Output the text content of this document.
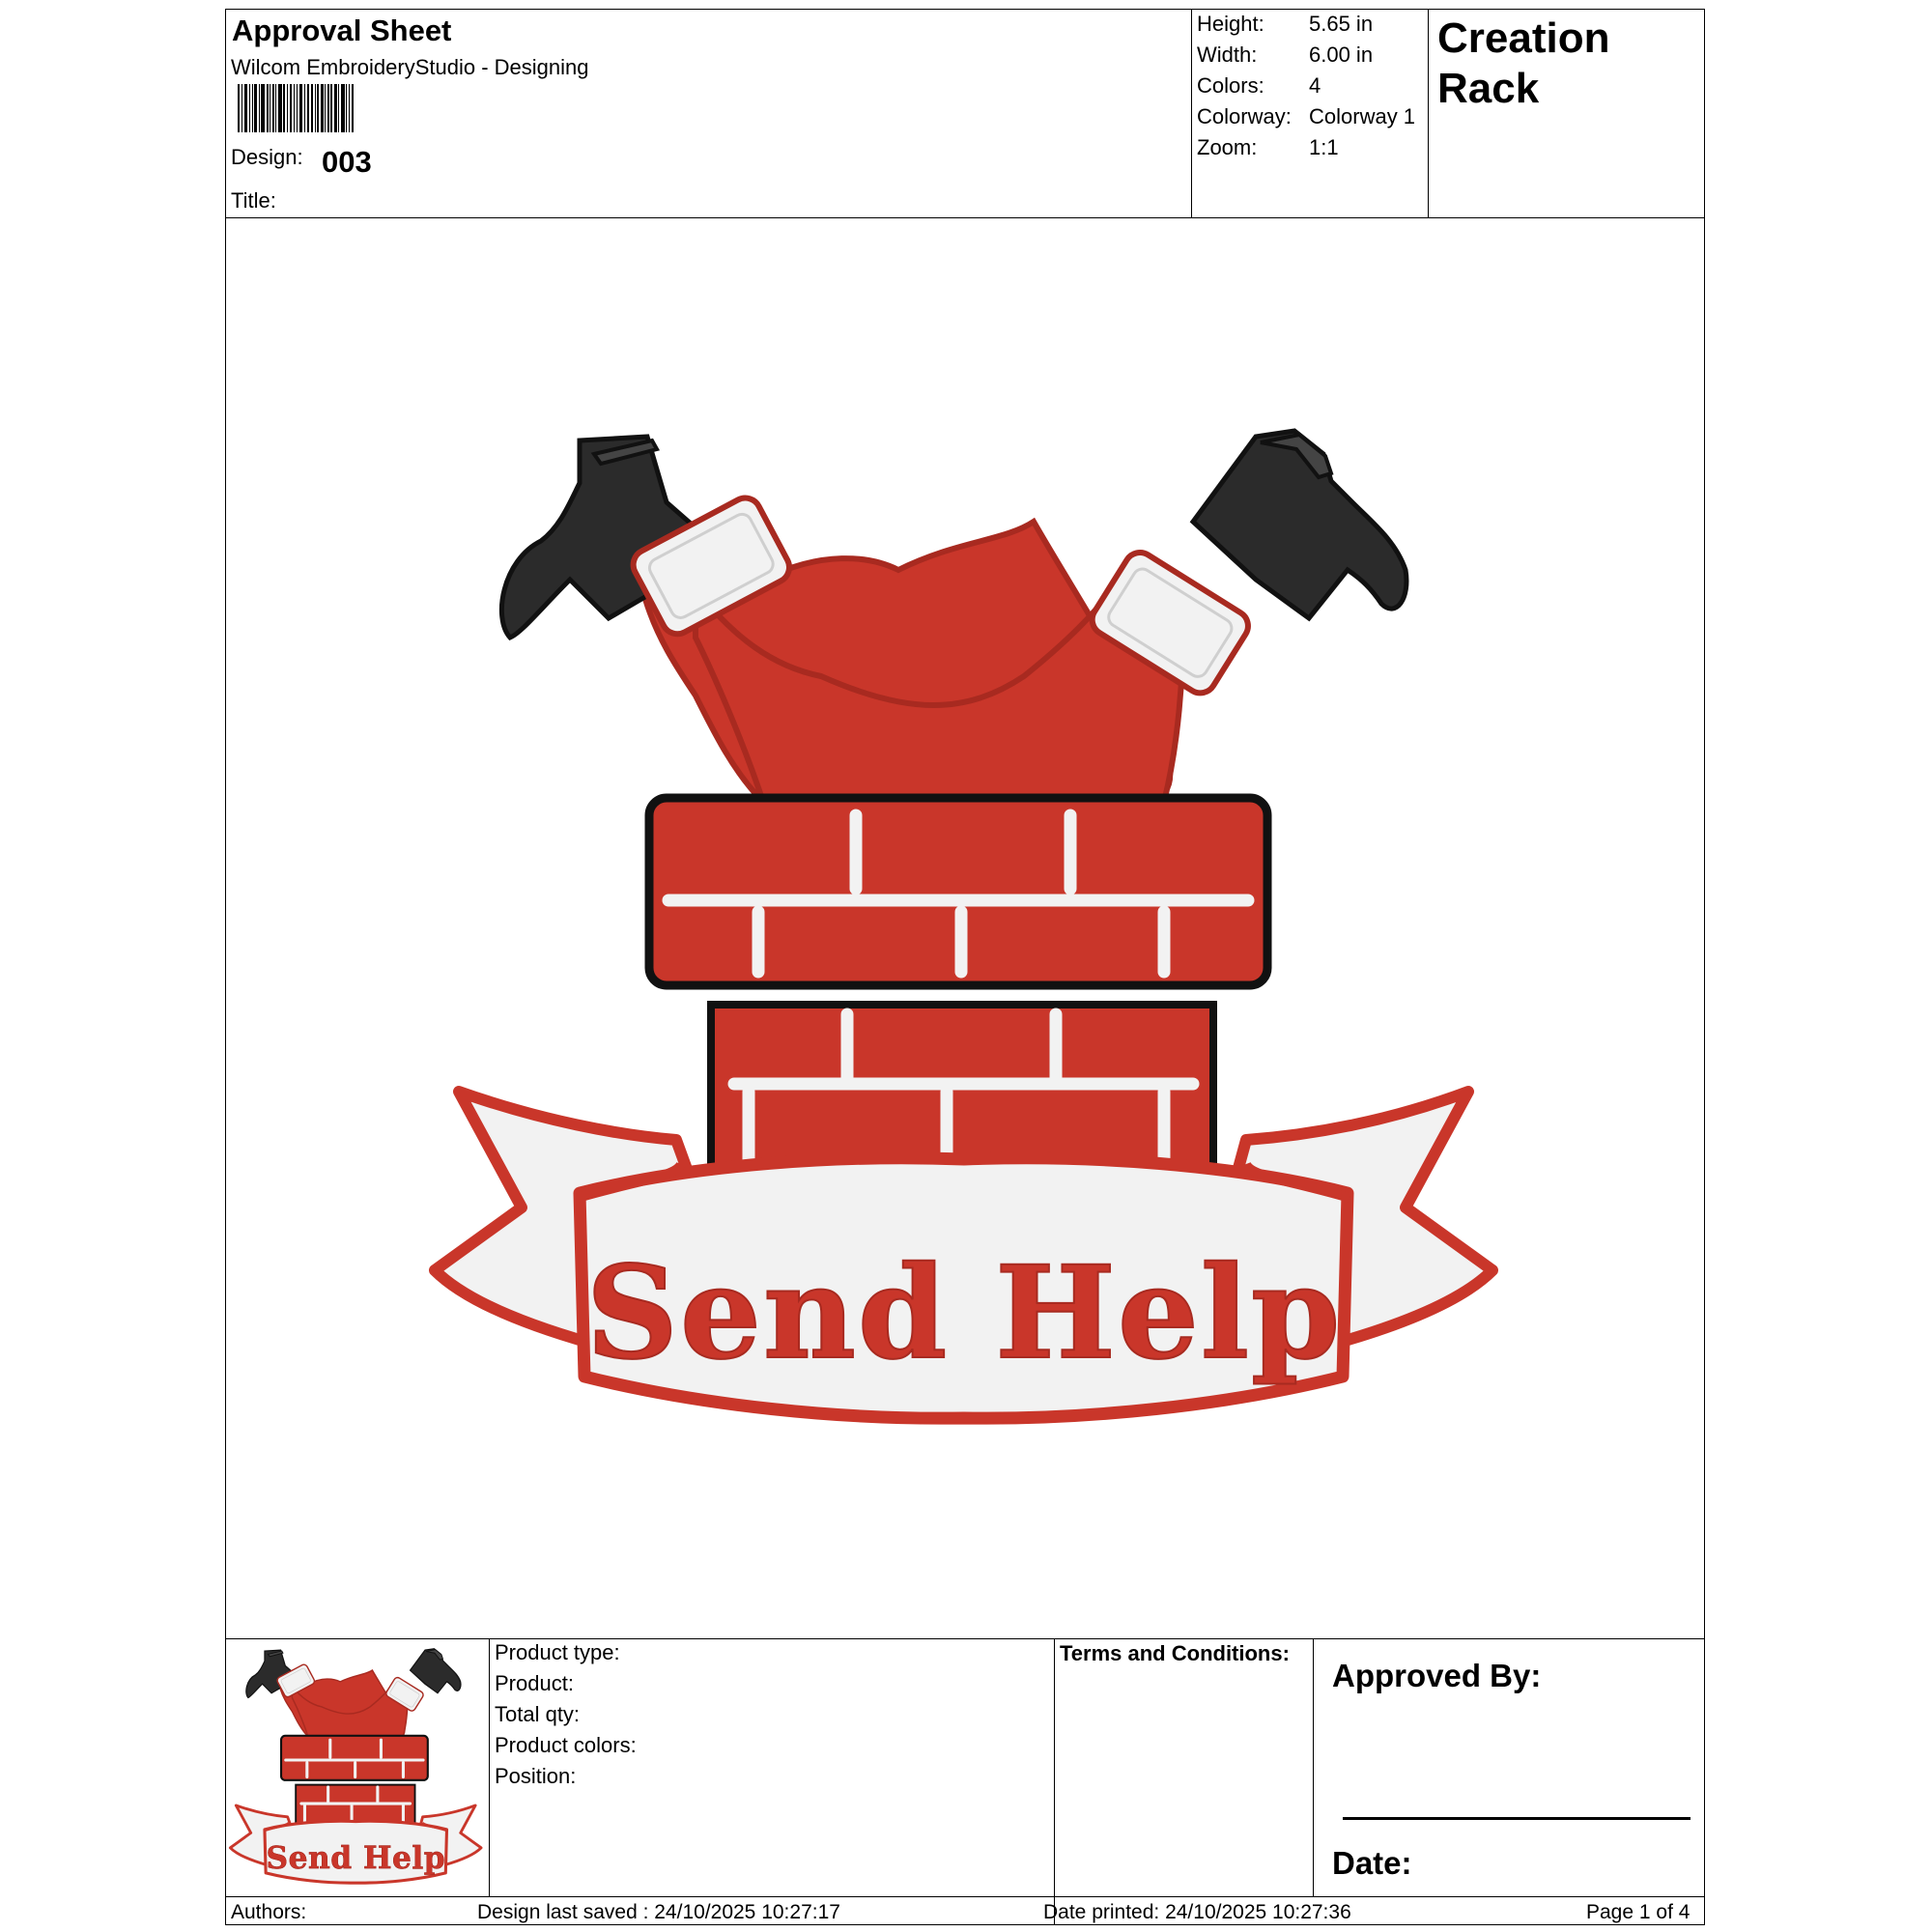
Approval Sheet
Wilcom EmbroideryStudio - Designing
Design: 003
Title:
Height: 5.65 in
Width: 6.00 in
Colors: 4
Colorway: Colorway 1
Zoom: 1:1
Creation
Rack
Send Help
Send Help
Product type:
Product:
Total qty:
Product colors:
Position:
Terms and Conditions:
Approved By:
Date:
Authors:	Design last saved : 24/10/2025 10:27:17	Date printed: 24/10/2025 10:27:36	Page 1 of 4
